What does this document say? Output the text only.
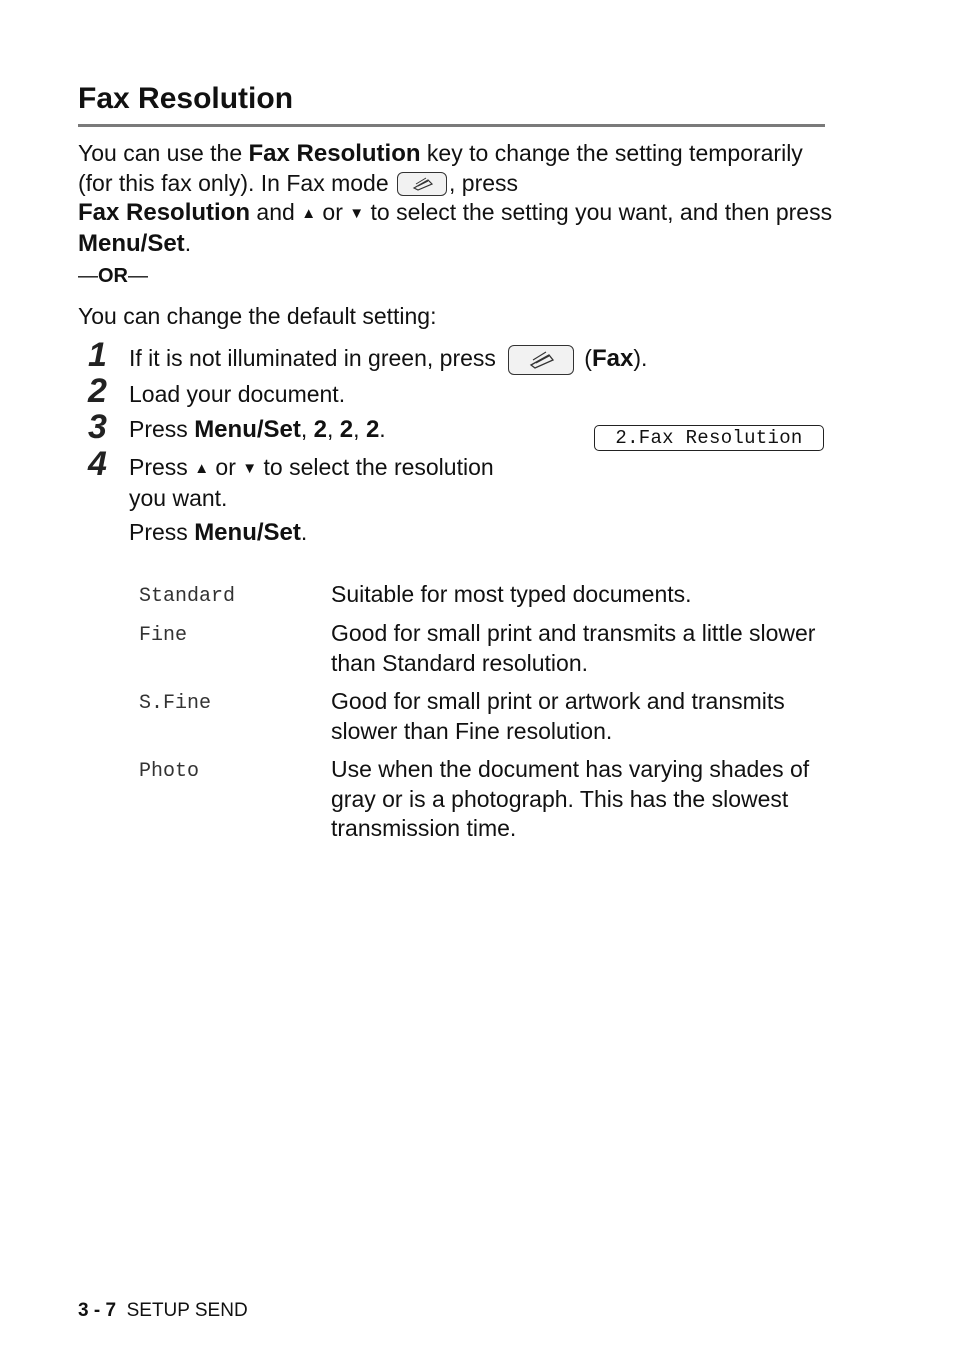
Fax Resolution

You can use the Fax Resolution key to change the setting temporarily (for this fax only). In Fax mode
, press
Fax Resolution and ▲ or ▼ to select the setting you want, and then press Menu/Set.

—OR—

You can change the default setting:

1 If it is not illuminated in green, press	(Fax).
2 Load your document.
3 Press Menu/Set, 2, 2, 2.	2.Fax Resolution
4 Press ▲ or ▼ to select the resolution you want.
Press Menu/Set.
Standard	Suitable for most typed documents.
Fine	Good for small print and transmits a little slower than Standard resolution.
S.Fine	Good for small print or artwork and transmits slower than Fine resolution.
Photo	Use when the document has varying shades of gray or is a photograph. This has the slowest transmission time.
3 - 7 SETUP SEND
